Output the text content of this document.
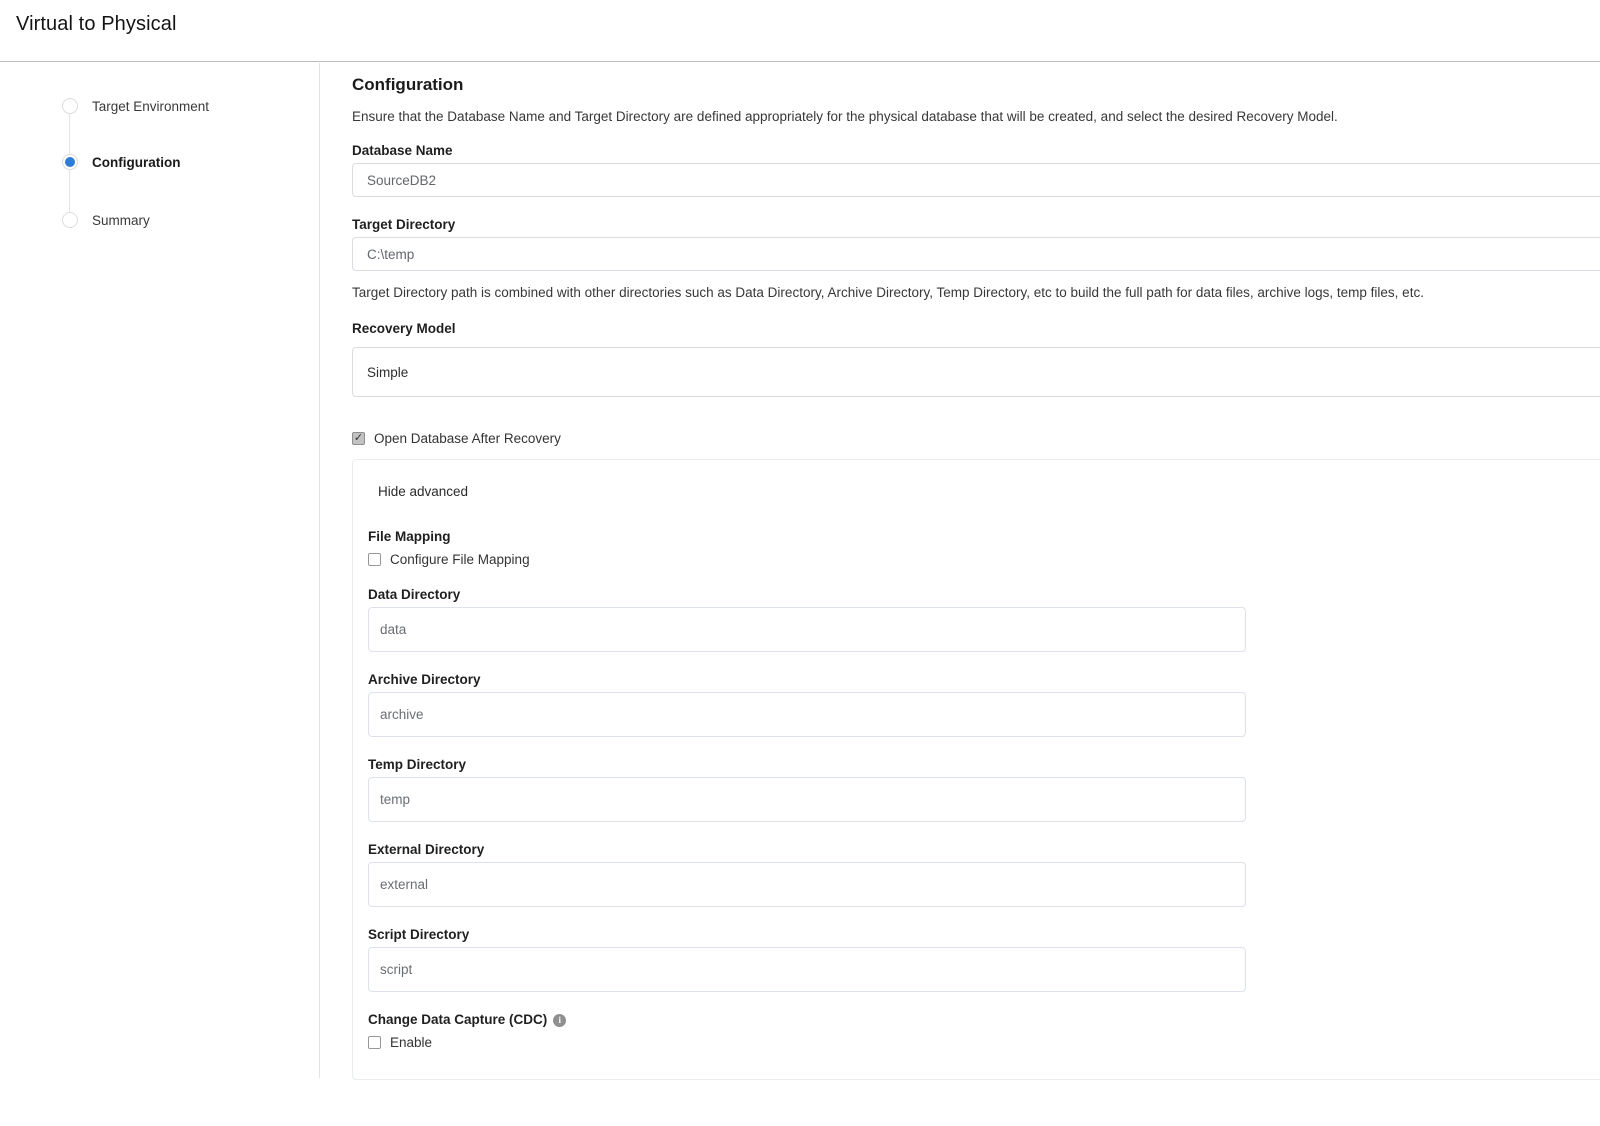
Virtual to Physical
Target Environment
Configuration
Summary
Configuration

Ensure that the Database Name and Target Directory are defined appropriately for the physical database that will be created, and select the desired Recovery Model.

Database Name
SourceDB2
Target Directory
C:\temp

Target Directory path is combined with other directories such as Data Directory, Archive Directory, Temp Directory, etc to build the full path for data files, archive logs, temp files, etc.

Recovery Model
Simple
✓ Open Database After Recovery
Hide advanced
File Mapping
Configure File Mapping
Data Directory
data
Archive Directory
archive
Temp Directory
temp
External Directory
external
Script Directory
script
Change Data Capture (CDC)	i
Enable
